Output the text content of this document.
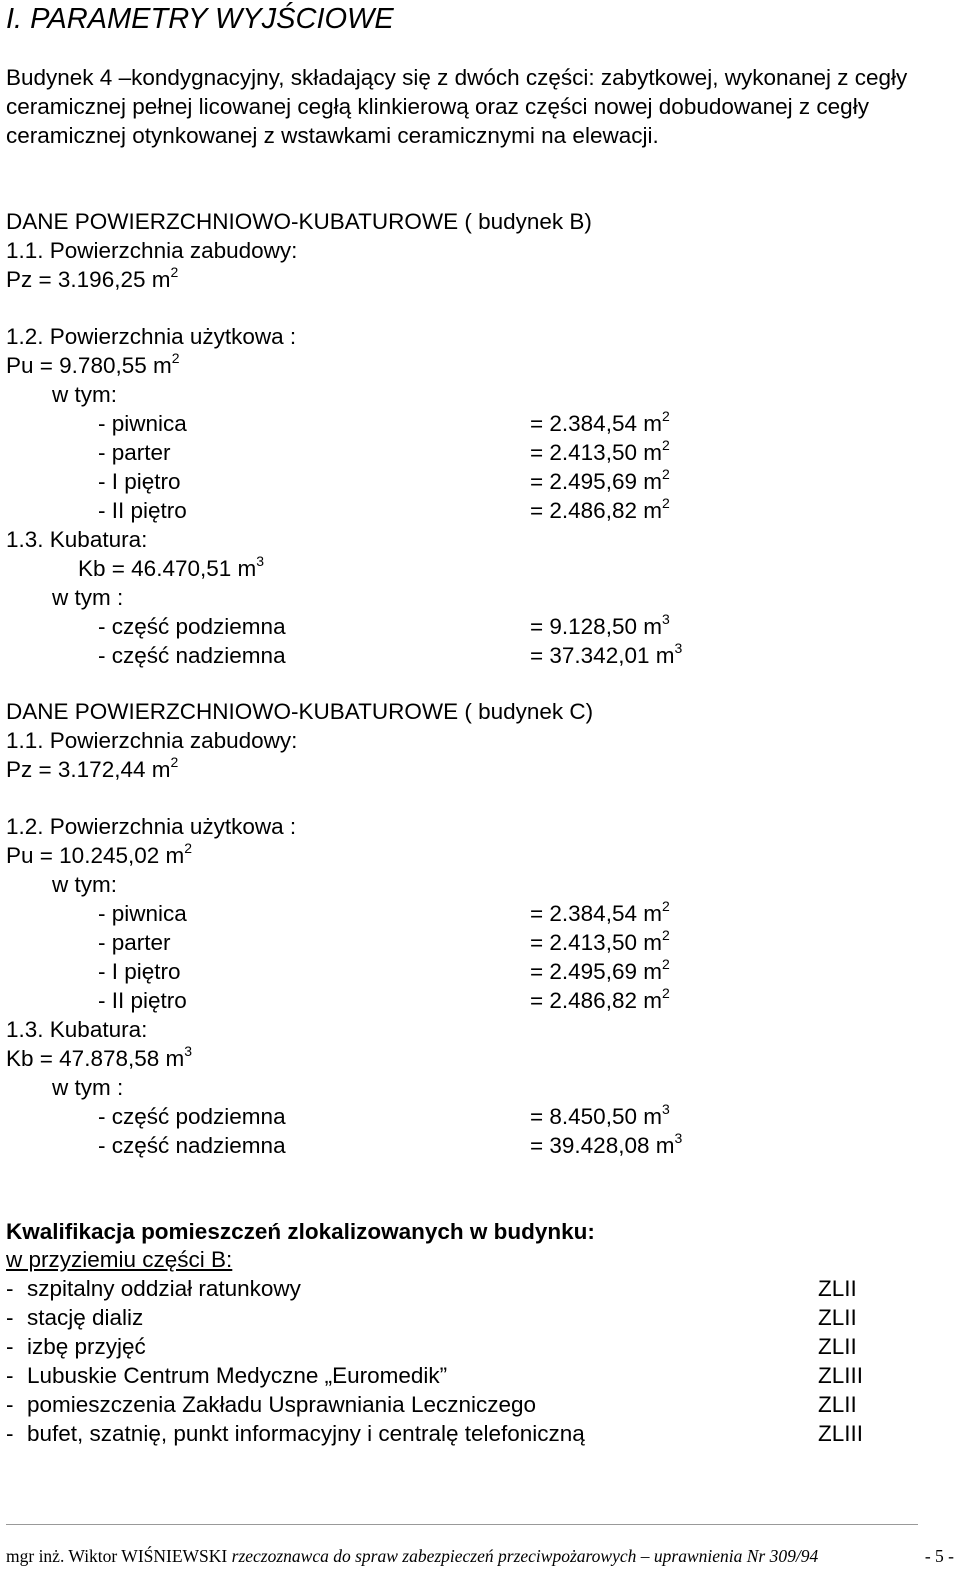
I. PARAMETRY WYJŚCIOWE
Budynek 4 –kondygnacyjny, składający się z dwóch części: zabytkowej, wykonanej z cegły ceramicznej pełnej licowanej cegłą klinkierową oraz części nowej dobudowanej z cegły ceramicznej otynkowanej z wstawkami ceramicznymi na elewacji.
DANE POWIERZCHNIOWO-KUBATUROWE ( budynek B)
1.1. Powierzchnia zabudowy:
Pz = 3.196,25 $m^2$
1.2. Powierzchnia użytkowa :
Pu = 9.780,55 $m^2$
w tym:
- piwnica	= 2.384,54 $m^2$
- parter	= 2.413,50 $m^2$
- I piętro	= 2.495,69 $m^2$
- II piętro	= 2.486,82 $m^2$
1.3. Kubatura:
Kb = 46.470,51 $m^3$
w tym :
- część podziemna	= 9.128,50 $m^3$
- część nadziemna	= 37.342,01 $m^3$
DANE POWIERZCHNIOWO-KUBATUROWE ( budynek C)
1.1. Powierzchnia zabudowy:
Pz = 3.172,44 $m^2$
1.2. Powierzchnia użytkowa :
Pu = 10.245,02 $m^2$
w tym:
- piwnica	= 2.384,54 $m^2$
- parter	= 2.413,50 $m^2$
- I piętro	= 2.495,69 $m^2$
- II piętro	= 2.486,82 $m^2$
1.3. Kubatura:
Kb = 47.878,58 $m^3$
w tym :
- część podziemna	= 8.450,50 $m^3$
- część nadziemna	= 39.428,08 $m^3$
Kwalifikacja pomieszczeń zlokalizowanych w budynku:
w przyziemiu części B:
- szpitalny oddział ratunkowy	ZLII
- stację dializ	ZLII
- izbę przyjęć	ZLII
- Lubuskie Centrum Medyczne „Euromedik”	ZLIII
- pomieszczenia Zakładu Usprawniania Leczniczego	ZLII
- bufet, szatnię, punkt informacyjny i centralę telefoniczną	ZLIII
mgr inż. Wiktor WIŚNIEWSKI rzeczoznawca do spraw zabezpieczeń przeciwpożarowych – uprawnienia Nr 309/94	- 5 -
